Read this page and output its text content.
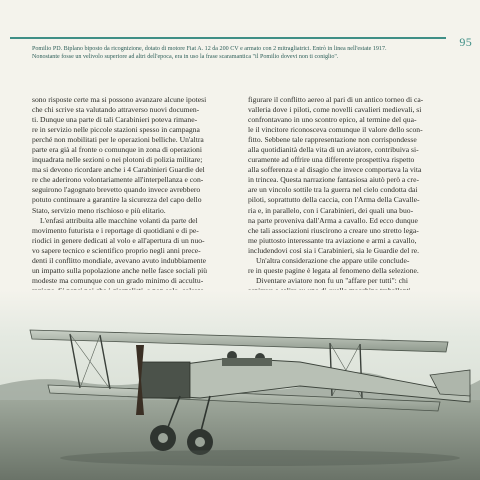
95
Pomilio PD. Biplano biposto da ricognizione, dotato di motore Fiat A. 12 da 200 CV e armato con 2 mitragliatrici. Entrò in linea nell'estate 1917.
Nonostante fosse un velivolo superiore ad altri dell'epoca, era in uso la frase scaramantica "il Pomilio dovevi non ti coniglio".
sono risposte certe ma si possono avanzare alcune ipotesi
che chi scrive sta valutando attraverso nuovi documen-
ti. Dunque una parte di tali Carabinieri poteva rimane-
re in servizio nelle piccole stazioni spesso in campagna
perché non mobilitati per le operazioni belliche. Un'altra
parte era già al fronte o comunque in zona di operazioni
inquadrata nelle sezioni o nei plotoni di polizia militare;
ma si devono ricordare anche i 4 Carabinieri Guardie del
re che aderirono volontariamente all'interpellanza e con-
seguirono l'agognato brevetto quando invece avrebbero
potuto continuare a garantire la sicurezza del capo dello
Stato, servizio meno rischioso e più elitario.
L'enfasi attribuita alle macchine volanti da parte del
movimento futurista e i reportage di quotidiani e di pe-
riodici in genere dedicati al volo e all'apertura di un nuo-
vo sapere tecnico e scientifico proprio negli anni prece-
denti il conflitto mondiale, avevano avuto indubbiamente
un impatto sulla popolazione anche nelle fasce sociali più
modeste ma comunque con un grado minimo di accultu-
figurare il conflitto aereo al pari di un antico torneo di ca-
valleria dove i piloti, come novelli cavalieri medievali, si
confrontavano in uno scontro epico, al termine del qua-
le il vincitore riconosceva comunque il valore dello scon-
fitto. Sebbene tale rappresentazione non corrispondesse
alla quotidianità della vita di un aviatore, contribuiva si-
curamente ad offrire una differente prospettiva rispetto
alla sofferenza e al disagio che invece comportava la vita
in trincea. Questa narrazione fantasiosa aiutò però a cre-
are un vincolo sottile tra la guerra nel cielo condotta dai
piloti, soprattutto della caccia, con l'Arma della Cavalle-
ria e, in parallelo, con i Carabinieri, dei quali una buo-
na parte proveniva dall'Arma a cavallo. Ed ecco dunque
che tali associazioni riuscirono a creare uno stretto lega-
me piuttosto interessante tra aviazione e armi a cavallo,
includendovi così sia i Carabinieri, sia le Guardie del re.
Un'altra considerazione che appare utile conclude-
re in queste pagine è legata al fenomeno della selezione.
Diventare aviatore non fu un "affare per tutti": chi
